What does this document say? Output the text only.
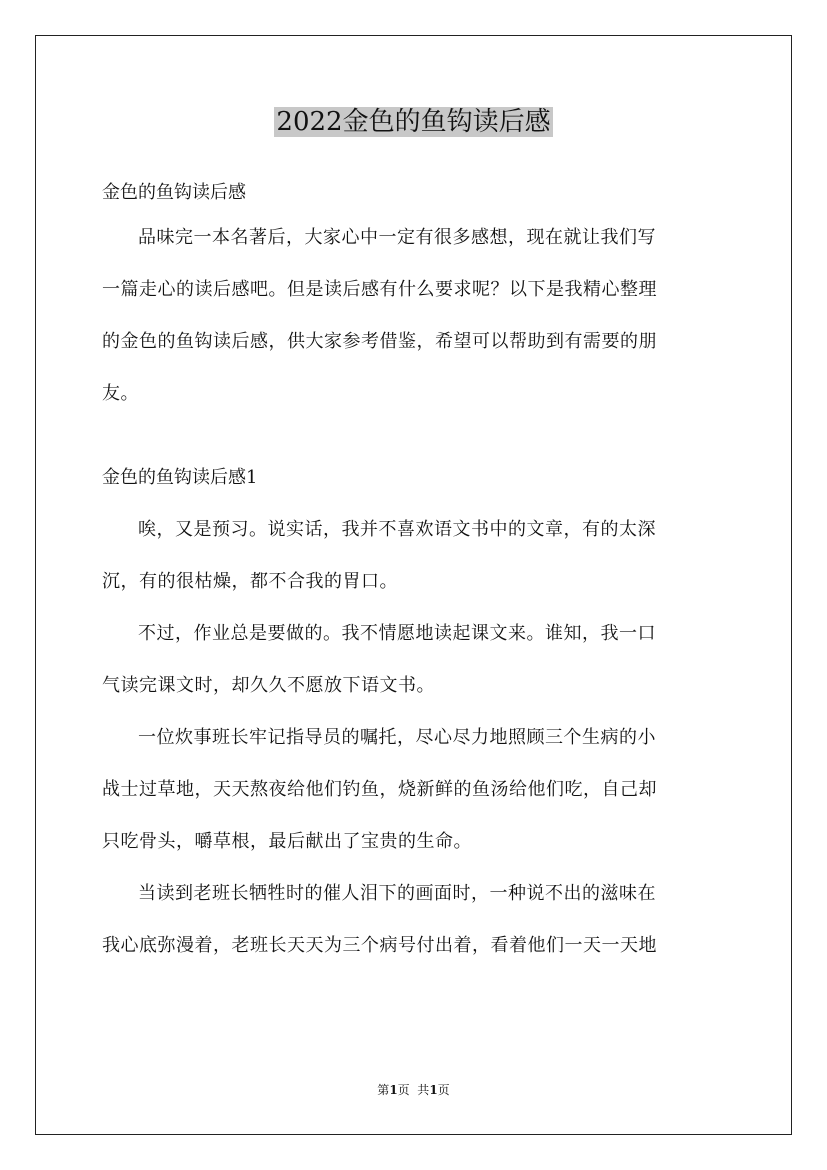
2022金色的鱼钩读后感

金色的鱼钩读后感

品味完一本名著后，大家心中一定有很多感想，现在就让我们写
一篇走心的读后感吧。但是读后感有什么要求呢？以下是我精心整理
的金色的鱼钩读后感，供大家参考借鉴，希望可以帮助到有需要的朋
友。

金色的鱼钩读后感1

唉，又是预习。说实话，我并不喜欢语文书中的文章，有的太深
沉，有的很枯燥，都不合我的胃口。

不过，作业总是要做的。我不情愿地读起课文来。谁知，我一口
气读完课文时，却久久不愿放下语文书。

一位炊事班长牢记指导员的嘱托，尽心尽力地照顾三个生病的小
战士过草地，天天熬夜给他们钓鱼，烧新鲜的鱼汤给他们吃，自己却
只吃骨头，嚼草根，最后献出了宝贵的生命。

当读到老班长牺牲时的催人泪下的画面时，一种说不出的滋味在
我心底弥漫着，老班长天天为三个病号付出着，看着他们一天一天地

第1页  共1页
